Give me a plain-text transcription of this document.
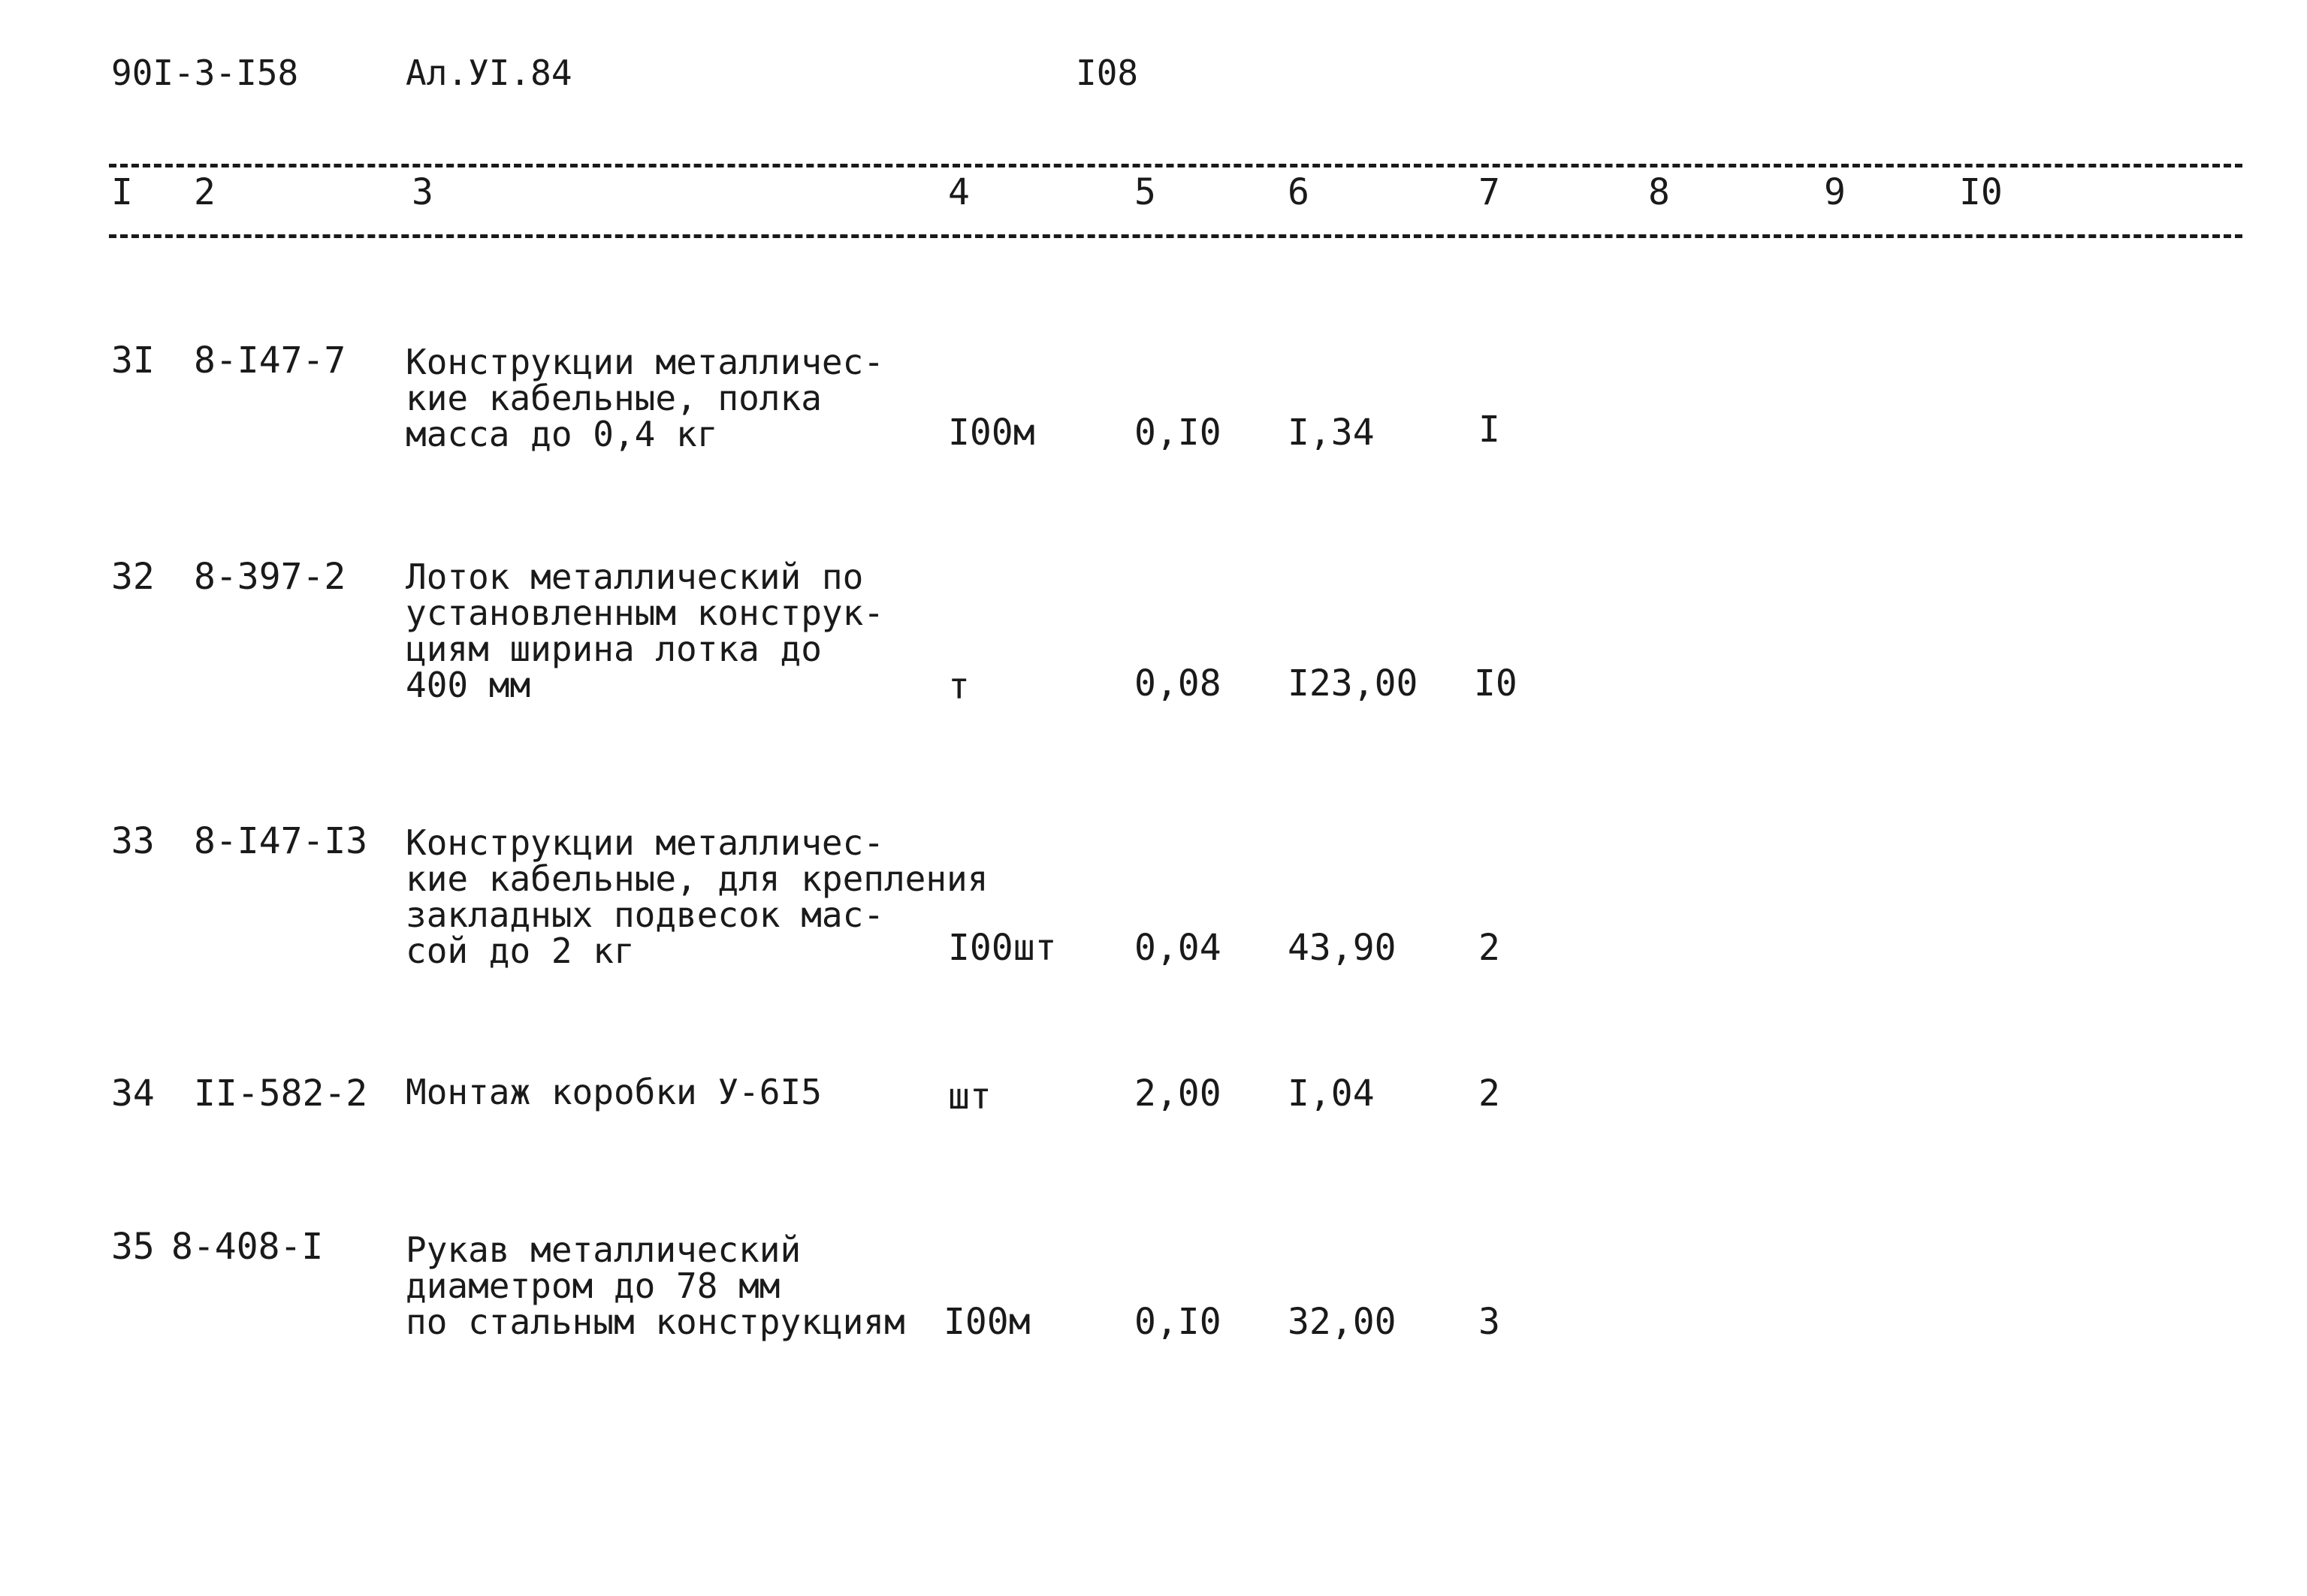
90I-3-I58	Ал.УI.84	I08
I 2	3	4	5	6	7	8	9	I0
3I 8-I47-7 Конструкции металличес-
кие кабельные, полка
масса до 0,4 кг	I00м	0,I0 I,34	I
32 8-397-2 Лоток металлический по
установленным конструк-
циям ширина лотка до
400 мм	т	0,08 I23,00 I0
33 8-I47-I3 Конструкции металличес-
кие кабельные, для крепления
закладных подвесок мас-
сой до 2 кг	I00шт 0,04 43,90 2
34 II-582-2 Монтаж коробки У-6I5	шт	2,00 I,04	2
35 8-408-I Рукав металлический
диаметром до 78 мм
по стальным конструкциям I00м	0,I0 32,00 3
